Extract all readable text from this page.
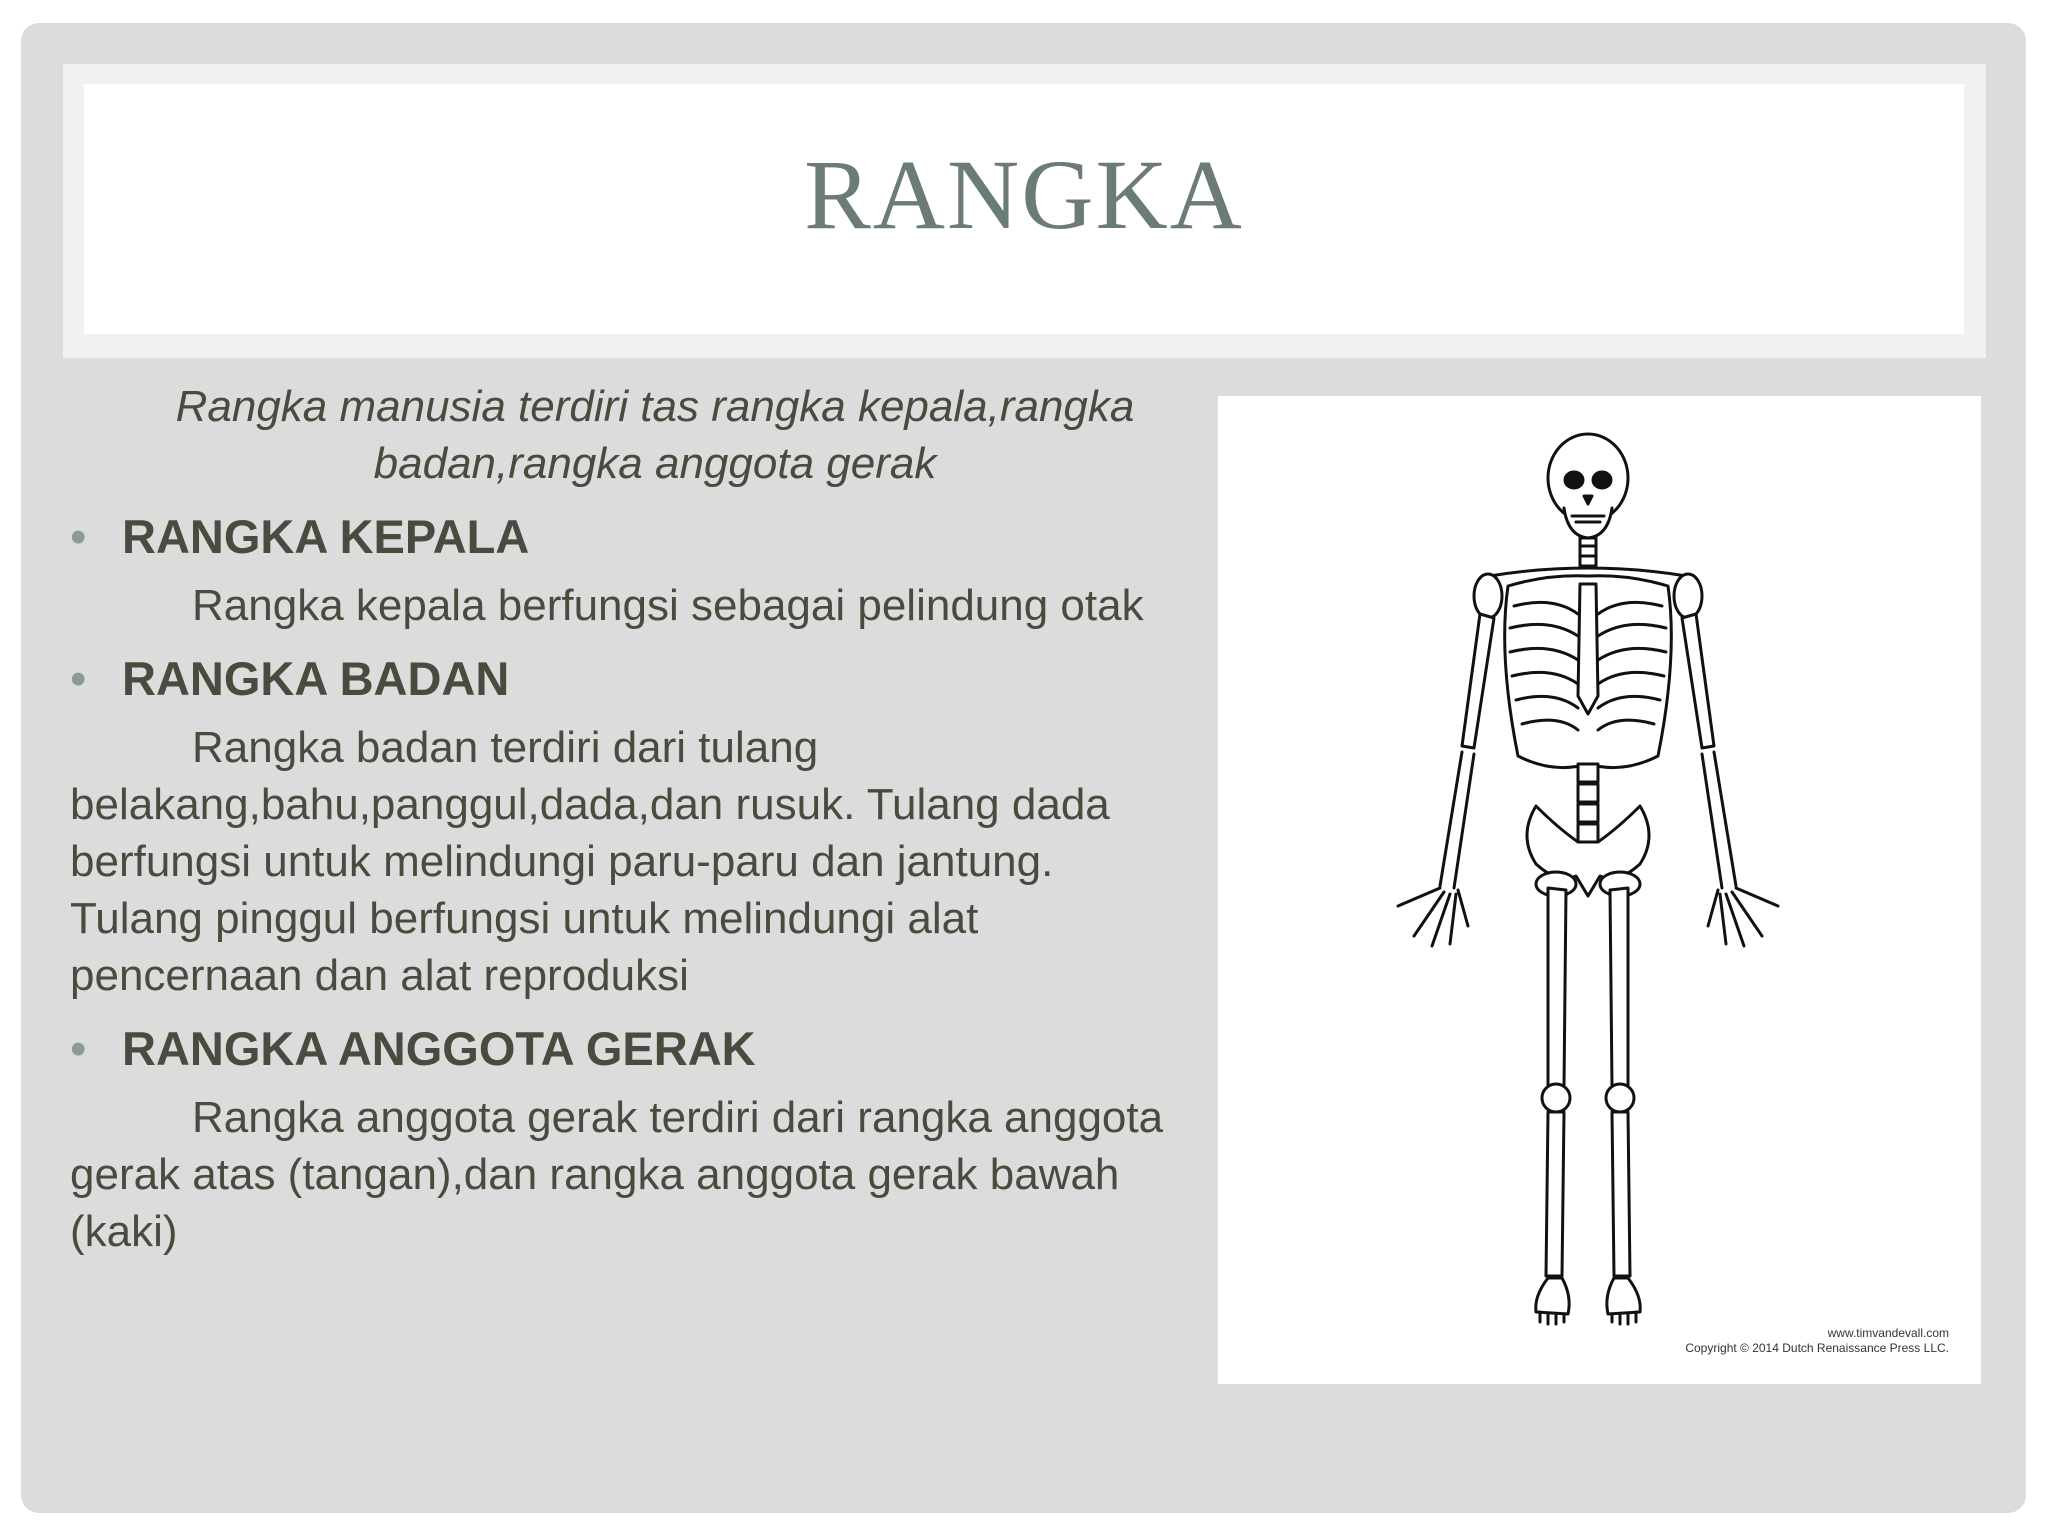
RANGKA

Rangka manusia terdiri tas rangka kepala,rangka badan,rangka anggota gerak

• RANGKA KEPALA

Rangka kepala berfungsi sebagai pelindung otak

• RANGKA BADAN

Rangka badan terdiri dari tulang belakang,bahu,panggul,dada,dan rusuk. Tulang dada berfungsi untuk melindungi paru-paru dan jantung. Tulang pinggul berfungsi untuk melindungi alat pencernaan dan alat reproduksi

• RANGKA ANGGOTA GERAK

Rangka anggota gerak terdiri dari rangka anggota gerak atas (tangan),dan rangka anggota gerak bawah (kaki)

www.timvandevall.com
Copyright © 2014 Dutch Renaissance Press LLC.
